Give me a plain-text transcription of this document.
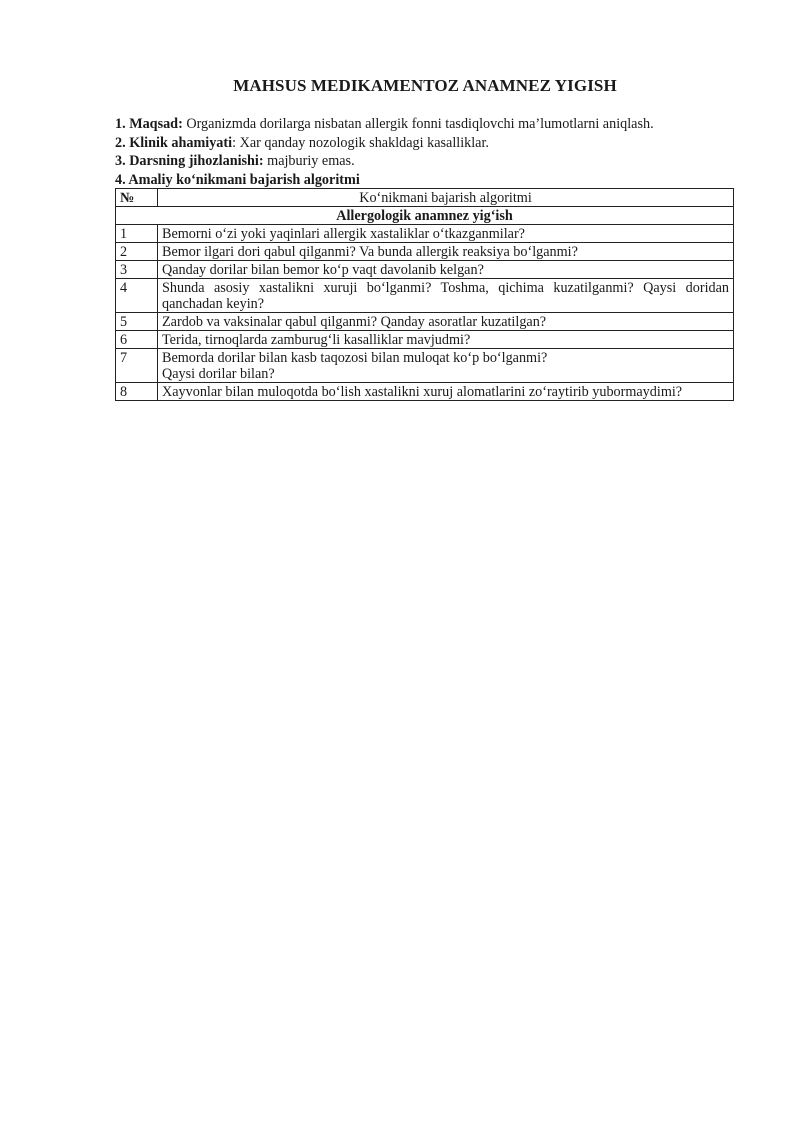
MAHSUS MEDIKAMENTOZ ANAMNEZ YIGISH

1. Maqsad: Organizmda dorilarga nisbatan allergik fonni tasdiqlovchi ma’lumotlarni aniqlash.

2. Klinik ahamiyati: Xar qanday nozologik shakldagi kasalliklar.

3. Darsning jihozlanishi: majburiy emas.

4. Amaliy ko‘nikmani bajarish algoritmi

№	Ko‘nikmani bajarish algoritmi
Allergologik anamnez yig‘ish	
1	Bemorni o‘zi yoki yaqinlari allergik xastaliklar o‘tkazganmilar?

2	Bemor ilgari dori qabul qilganmi? Va bunda allergik reaksiya bo‘lganmi?

3	Qanday dorilar bilan bemor ko‘p vaqt davolanib kelgan?

4	Shunda asosiy xastalikni xuruji bo‘lganmi? Toshma, qichima kuzatilganmi? Qaysi doridan qanchadan keyin?

5	Zardob va vaksinalar qabul qilganmi? Qanday asoratlar kuzatilgan?

6	Terida, tirnoqlarda zamburug‘li kasalliklar mavjudmi?

7	Bemorda dorilar bilan kasb taqozosi bilan muloqat ko‘p bo‘lganmi?
Qaysi dorilar bilan?

8	Xayvonlar bilan muloqotda bo‘lish xastalikni xuruj alomatlarini zo‘raytirib yubormaydimi?
